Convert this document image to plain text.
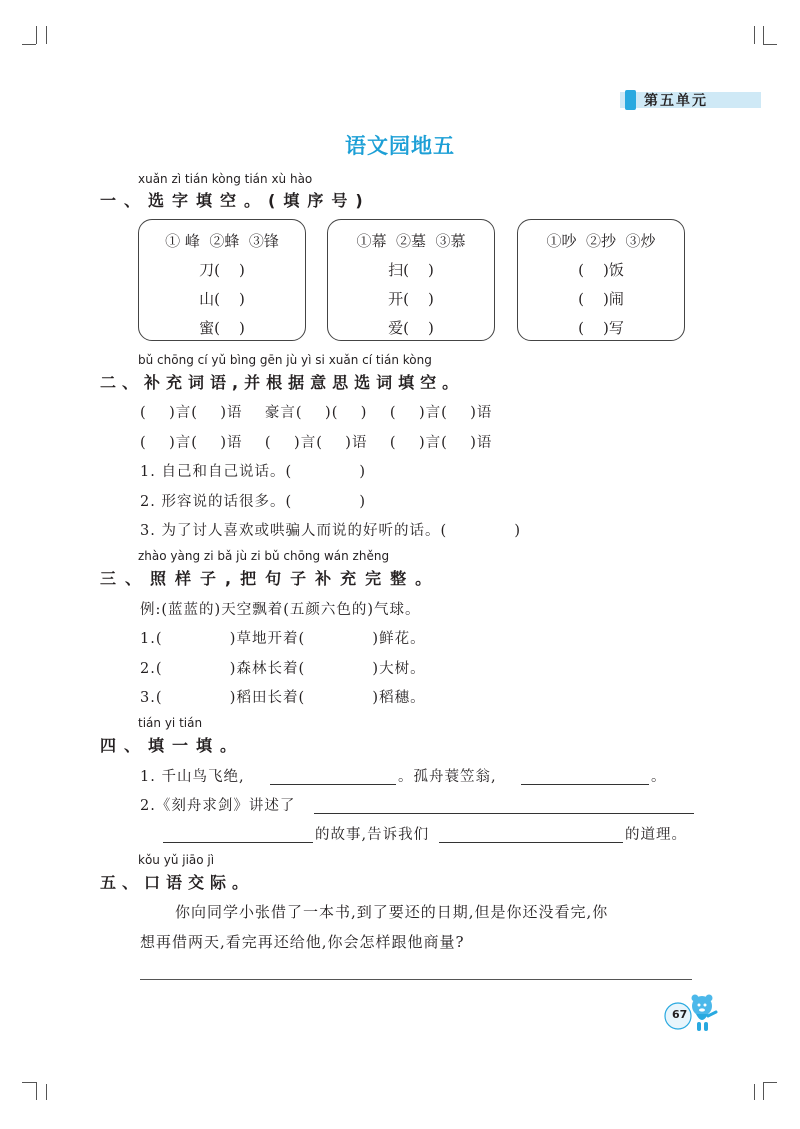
第五单元
语文园地五
xuǎn zì tián kòng tián xù hào
一、选字填空。(填序号)
① 峰  ②蜂  ③锋
刀(    )
山(    )
蜜(    )
①幕  ②墓  ③慕
扫(    )
开(    )
爱(    )
①吵  ②抄  ③炒
(    )饭
(    )闹
(    )写
bǔ chōng cí yǔ bìng gēn jù yì si xuǎn cí tián kòng
二、补充词语,并根据意思选词填空。
(    )言(    )语    豪言(    )(    )    (    )言(    )语
(    )言(    )语    (    )言(    )语    (    )言(    )语
1. 自己和自己说话。(            )
2. 形容说的话很多。(            )
3. 为了讨人喜欢或哄骗人而说的好听的话。(            )
zhào yàng zi bǎ jù zi bǔ chōng wán zhěng
三、照样子,把句子补充完整。
例:(蓝蓝的)天空飘着(五颜六色的)气球。
1.(            )草地开着(            )鲜花。
2.(            )森林长着(            )大树。
3.(            )稻田长着(            )稻穗。
tián yi tián
四、填一填。
1. 千山鸟飞绝,	。孤舟蓑笠翁,	。
2.《刻舟求剑》讲述了
的故事,告诉我们	的道理。
kǒu yǔ jiāo jì
五、口语交际。
你向同学小张借了一本书,到了要还的日期,但是你还没看完,你
想再借两天,看完再还给他,你会怎样跟他商量?
67
